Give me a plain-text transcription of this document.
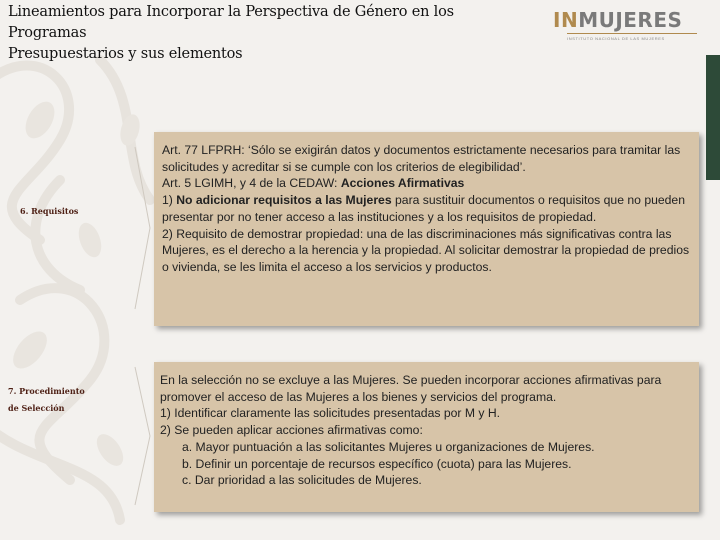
Lineamientos para Incorporar la Perspectiva de Género en los Programas
Presupuestarios y sus elementos
INMUJERES
INSTITUTO NACIONAL DE LAS MUJERES
6. Requisitos

Art. 77 LFPRH: ‘Sólo se exigirán datos y documentos estrictamente necesarios para tramitar las solicitudes y acreditar si se cumple con los criterios de elegibilidad’.

Art. 5 LGIMH, y 4 de la CEDAW: Acciones Afirmativas

1) No adicionar requisitos a las Mujeres para sustituir documentos o requisitos que no pueden presentar por no tener acceso a las instituciones y a los requisitos de propiedad.

2) Requisito de demostrar propiedad: una de las discriminaciones más significativas contra las Mujeres, es el derecho a la herencia y la propiedad. Al solicitar demostrar la propiedad de predios o vivienda, se les limita el acceso a los servicios y productos.

7. Procedimiento
de Selección

En la selección no se excluye a las Mujeres. Se pueden incorporar acciones afirmativas para promover el acceso de las Mujeres a los bienes y servicios del programa.

1) Identificar claramente las solicitudes presentadas por M y H.

2) Se pueden aplicar acciones afirmativas como:

a. Mayor puntuación a las solicitantes Mujeres u organizaciones de Mujeres.

b. Definir un porcentaje de recursos específico (cuota) para las Mujeres.

c. Dar prioridad a las solicitudes de Mujeres.
